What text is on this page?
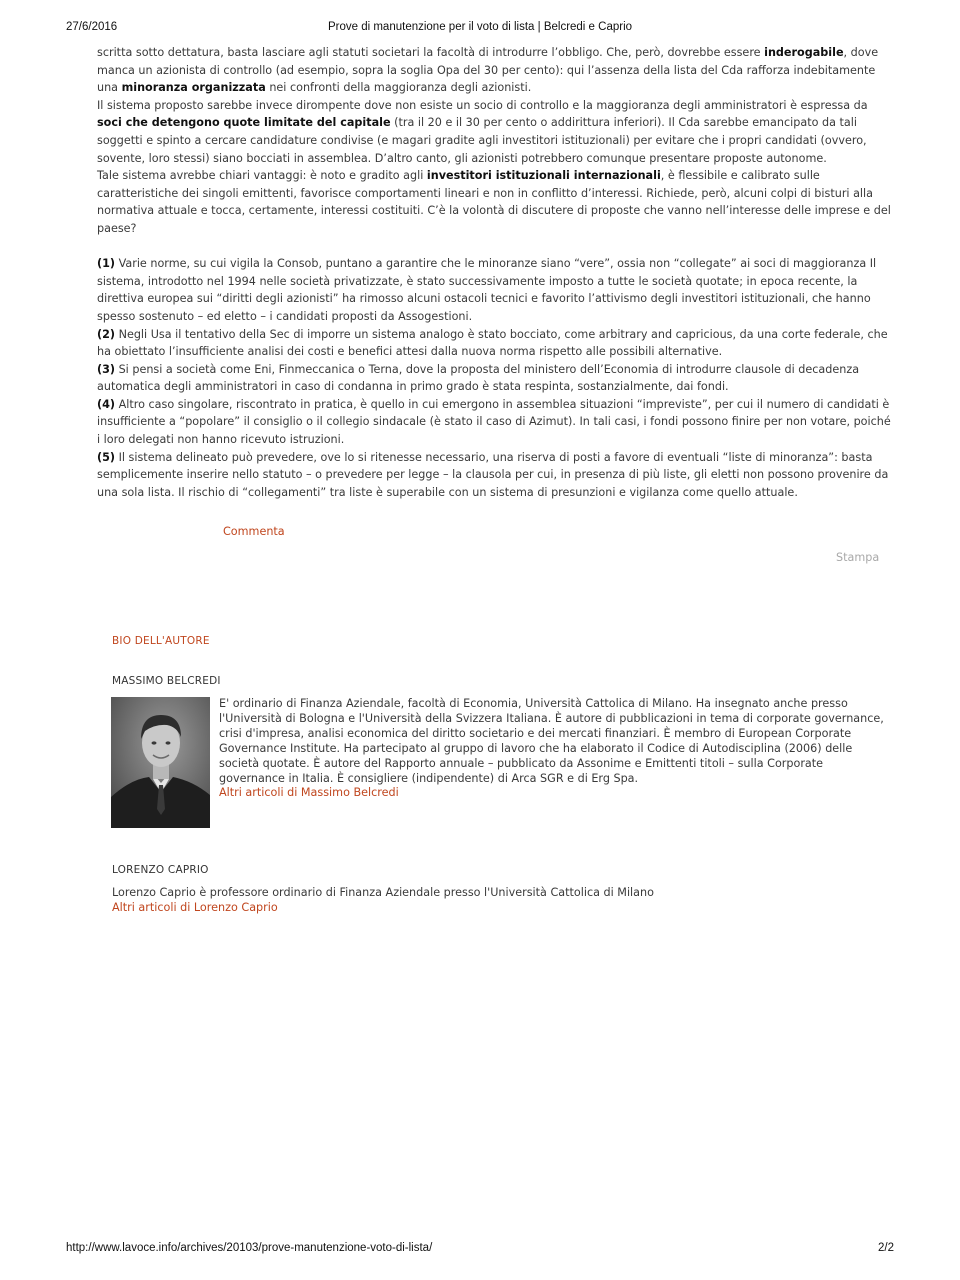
27/6/2016	Prove di manutenzione per il voto di lista | Belcredi e Caprio

scritta sotto dettatura, basta lasciare agli statuti societari la facoltà di introdurre l’obbligo. Che, però, dovrebbe essere inderogabile, dove manca un azionista di controllo (ad esempio, sopra la soglia Opa del 30 per cento): qui l’assenza della lista del Cda rafforza indebitamente una minoranza organizzata nei confronti della maggioranza degli azionisti.

Il sistema proposto sarebbe invece dirompente dove non esiste un socio di controllo e la maggioranza degli amministratori è espressa da soci che detengono quote limitate del capitale (tra il 20 e il 30 per cento o addirittura inferiori). Il Cda sarebbe emancipato da tali soggetti e spinto a cercare candidature condivise (e magari gradite agli investitori istituzionali) per evitare che i propri candidati (ovvero, sovente, loro stessi) siano bocciati in assemblea. D’altro canto, gli azionisti potrebbero comunque presentare proposte autonome.

Tale sistema avrebbe chiari vantaggi: è noto e gradito agli investitori istituzionali internazionali, è flessibile e calibrato sulle caratteristiche dei singoli emittenti, favorisce comportamenti lineari e non in conflitto d’interessi. Richiede, però, alcuni colpi di bisturi alla normativa attuale e tocca, certamente, interessi costituiti. C’è la volontà di discutere di proposte che vanno nell’interesse delle imprese e del paese?

(1) Varie norme, su cui vigila la Consob, puntano a garantire che le minoranze siano “vere”, ossia non “collegate” ai soci di maggioranza Il sistema, introdotto nel 1994 nelle società privatizzate, è stato successivamente imposto a tutte le società quotate; in epoca recente, la direttiva europea sui “diritti degli azionisti” ha rimosso alcuni ostacoli tecnici e favorito l’attivismo degli investitori istituzionali, che hanno spesso sostenuto – ed eletto – i candidati proposti da Assogestioni.

(2) Negli Usa il tentativo della Sec di imporre un sistema analogo è stato bocciato, come arbitrary and capricious, da una corte federale, che ha obiettato l’insufficiente analisi dei costi e benefici attesi dalla nuova norma rispetto alle possibili alternative.

(3) Si pensi a società come Eni, Finmeccanica o Terna, dove la proposta del ministero dell’Economia di introdurre clausole di decadenza automatica degli amministratori in caso di condanna in primo grado è stata respinta, sostanzialmente, dai fondi.

(4) Altro caso singolare, riscontrato in pratica, è quello in cui emergono in assemblea situazioni “impreviste”, per cui il numero di candidati è insufficiente a “popolare” il consiglio o il collegio sindacale (è stato il caso di Azimut). In tali casi, i fondi possono finire per non votare, poiché i loro delegati non hanno ricevuto istruzioni.

(5) Il sistema delineato può prevedere, ove lo si ritenesse necessario, una riserva di posti a favore di eventuali “liste di minoranza”: basta semplicemente inserire nello statuto – o prevedere per legge – la clausola per cui, in presenza di più liste, gli eletti non possono provenire da una sola lista. Il rischio di “collegamenti” tra liste è superabile con un sistema di presunzioni e vigilanza come quello attuale.

Commenta
Stampa
BIO DELL'AUTORE
MASSIMO BELCREDI
E' ordinario di Finanza Aziendale, facoltà di Economia, Università Cattolica di Milano. Ha insegnato anche presso l'Università di Bologna e l'Università della Svizzera Italiana. È autore di pubblicazioni in tema di corporate governance, crisi d'impresa, analisi economica del diritto societario e dei mercati finanziari. È membro di European Corporate Governance Institute. Ha partecipato al gruppo di lavoro che ha elaborato il Codice di Autodisciplina (2006) delle società quotate. È autore del Rapporto annuale – pubblicato da Assonime e Emittenti titoli – sulla Corporate governance in Italia. È consigliere (indipendente) di Arca SGR e di Erg Spa.
Altri articoli di Massimo Belcredi
LORENZO CAPRIO
Lorenzo Caprio è professore ordinario di Finanza Aziendale presso l'Università Cattolica di Milano
Altri articoli di Lorenzo Caprio
http://www.lavoce.info/archives/20103/prove-manutenzione-voto-di-lista/	2/2
